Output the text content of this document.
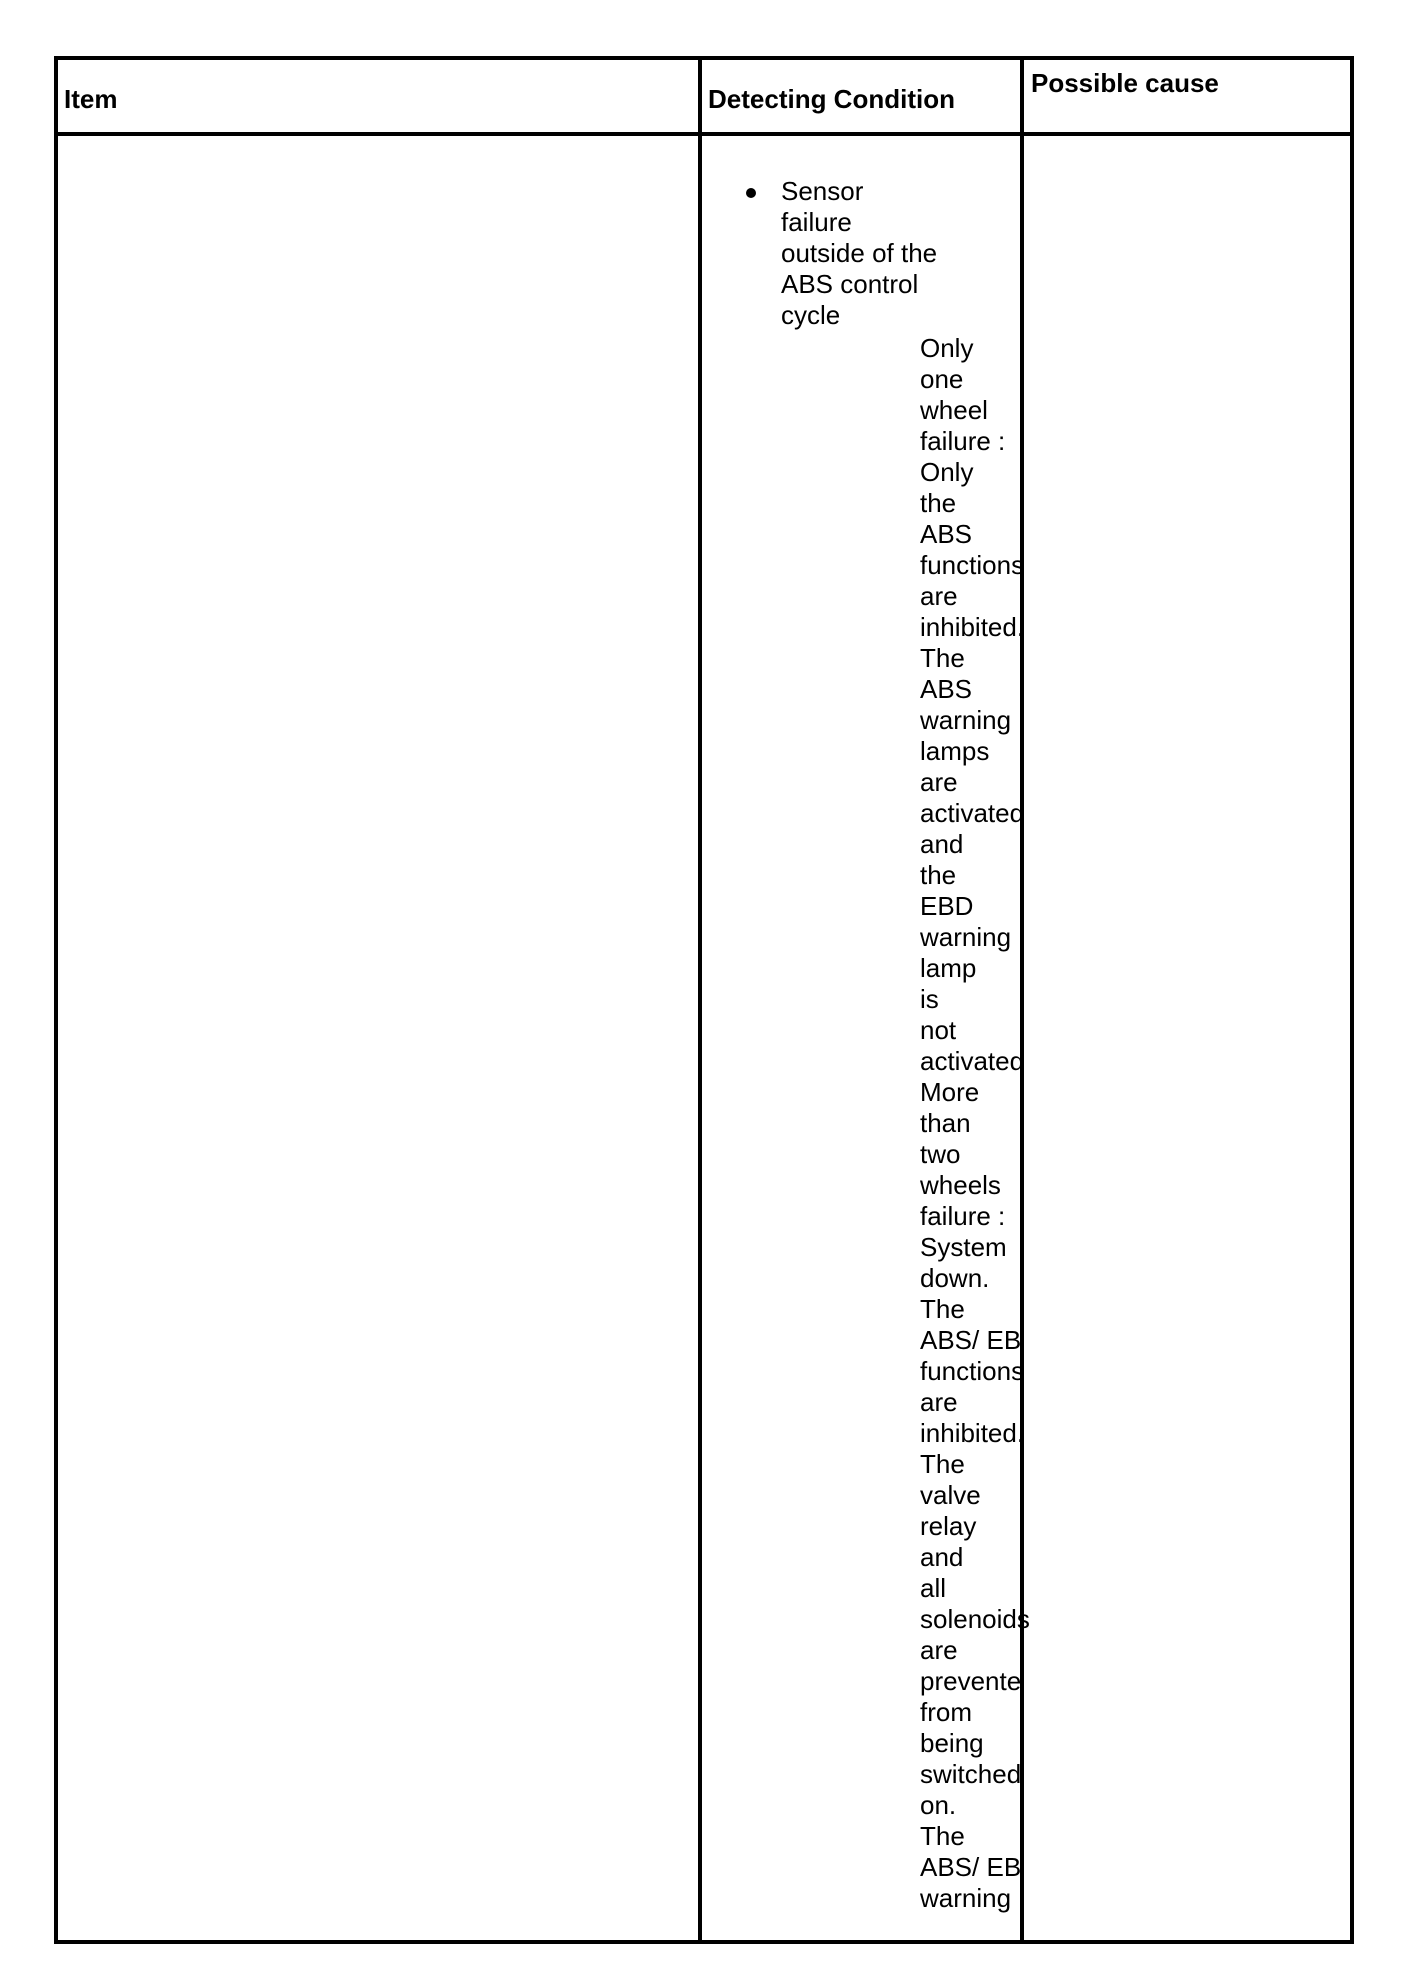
Item	Detecting Condition
Possible cause
Sensor failure outside of the ABS control cycle
Only
one
wheel
failure :
Only
the
ABS
functions
are
inhibited.
The
ABS
warning
lamps
are
activated
and
the
EBD
warning
lamp
is
not
activated
More
than
two
wheels
failure :
System
down.
The
ABS/ EB
functions
are
inhibited.
The
valve
relay
and
all
solenoids
are
prevente
from
being
switched
on.
The
ABS/ EB
warning
